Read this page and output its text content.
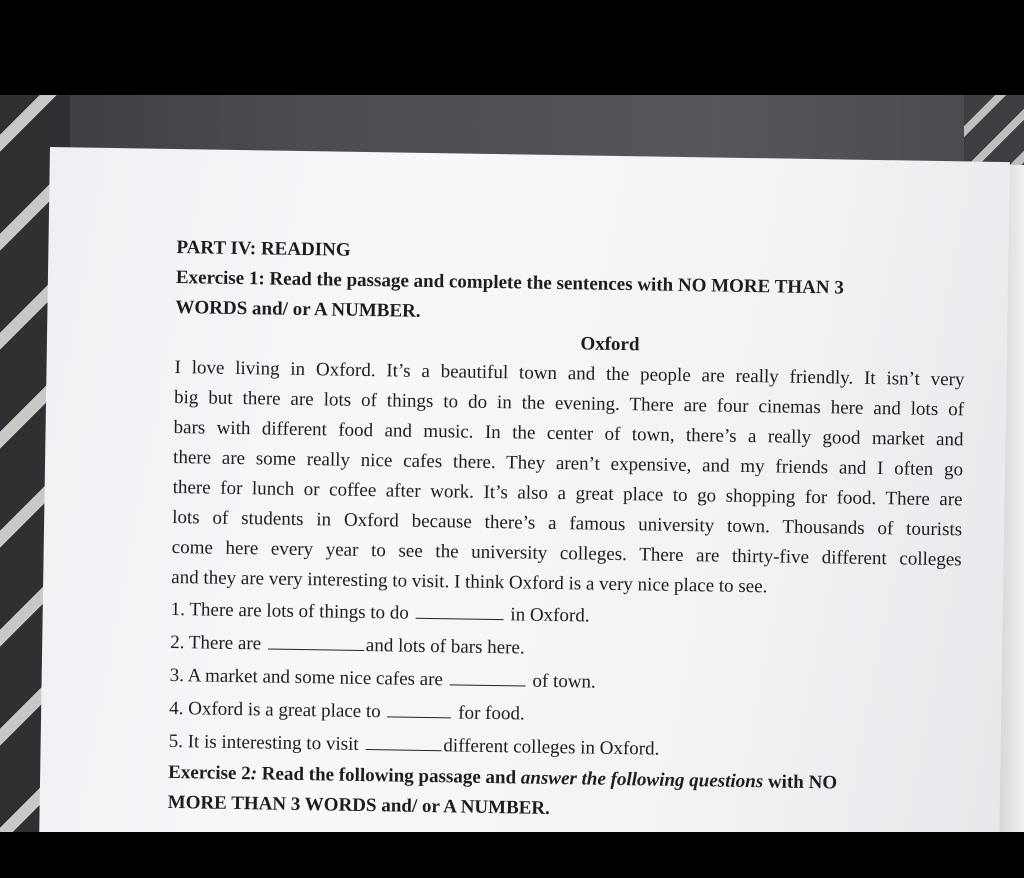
PART IV: READING
Exercise 1: Read the passage and complete the sentences with NO MORE THAN 3
WORDS and/ or A NUMBER.
Oxford
I love living in Oxford. It’s a beautiful town and the people are really friendly. It isn’t very
big but there are lots of things to do in the evening. There are four cinemas here and lots of
bars with different food and music. In the center of town, there’s a really good market and
there are some really nice cafes there. They aren’t expensive, and my friends and I often go
there for lunch or coffee after work. It’s also a great place to go shopping for food. There are
lots of students in Oxford because there’s a famous university town. Thousands of tourists
come here every year to see the university colleges. There are thirty-five different colleges
and they are very interesting to visit. I think Oxford is a very nice place to see.
1. There are lots of things to do	in Oxford.
2. There are	and lots of bars here.
3. A market and some nice cafes are	of town.
4. Oxford is a great place to	for food.
5. It is interesting to visit	different colleges in Oxford.
Exercise 2: Read the following passage and answer the following questions with NO
MORE THAN 3 WORDS and/ or A NUMBER.
